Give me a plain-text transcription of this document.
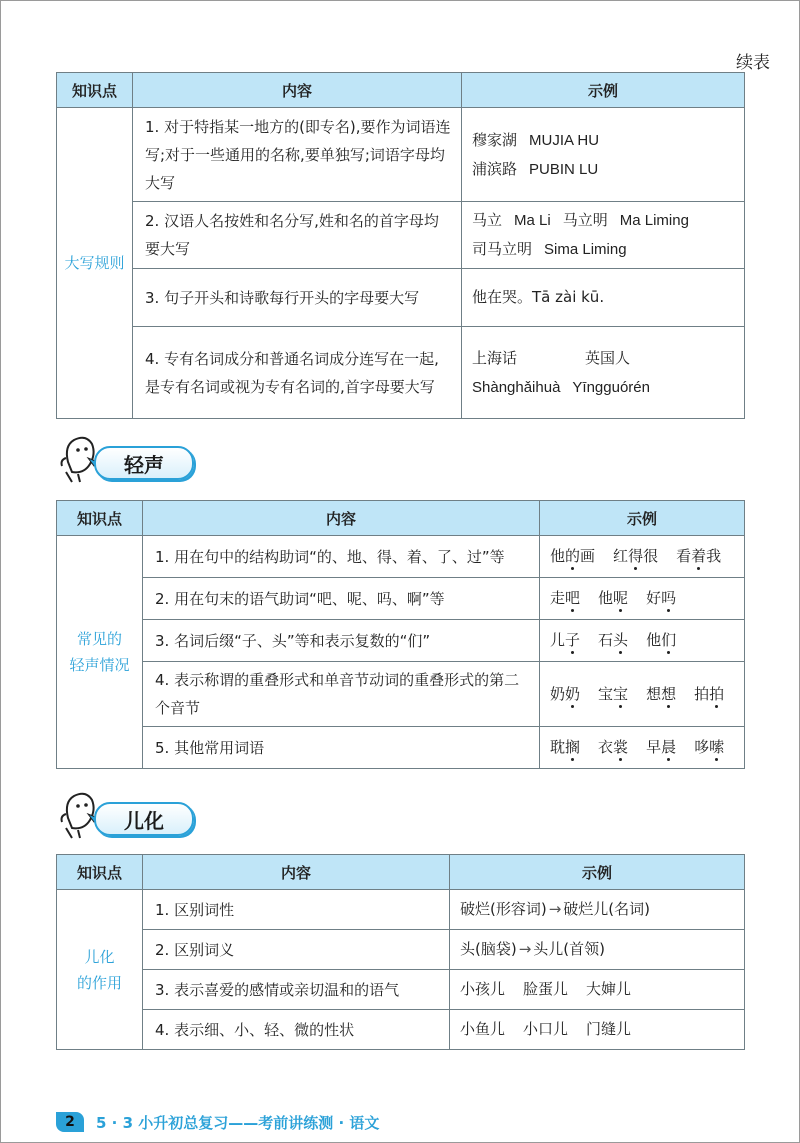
续表
知识点	内容	示例
大写规则	1. 对于特指某一地方的(即专名),要作为词语连写;对于一些通用的名称,要单独写;词语字母均大写	穆家湖 MUJIA HU
浦滨路 PUBIN LU

	2. 汉语人名按姓和名分写,姓和名的首字母均要大写	马立 Ma Li 马立明 Ma Liming
司马立明 Sima Liming

	3. 句子开头和诗歌每行开头的字母要大写	他在哭。Tā zài kū.
	4. 专有名词成分和普通名词成分连写在一起,是专有名词或视为专有名词的,首字母要大写	上海话 英国人
Shànghǎihuà Yīngguórén
轻声
知识点	内容	示例

常见的
轻声情况	1. 用在句中的结构助词“的、地、得、着、了、过”等	他的画 红得很 看着我
	2. 用在句末的语气助词“吧、呢、吗、啊”等	走吧 他呢 好吗
	3. 名词后缀“子、头”等和表示复数的“们”	儿子 石头 他们
	4. 表示称谓的重叠形式和单音节动词的重叠形式的第二个音节	奶奶 宝宝 想想 拍拍
	5. 其他常用词语	耽搁 衣裳 早晨 哆嗦
儿化
知识点	内容	示例

儿化
的作用	1. 区别词性	破烂(形容词) → 破烂儿(名词)
	2. 区别词义	头(脑袋) → 头儿(首领)
	3. 表示喜爱的感情或亲切温和的语气	小孩儿 脸蛋儿 大婶儿
	4. 表示细、小、轻、微的性状	小鱼儿 小口儿 门缝儿
2	5 · 3 小升初总复习——考前讲练测 · 语文
